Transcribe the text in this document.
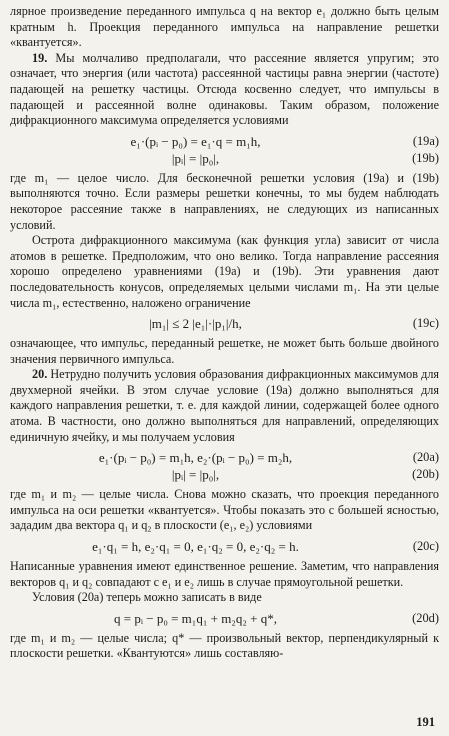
лярное произведение переданного импульса q на вектор e₁ должно быть целым кратным h. Проекция переданного импульса на направление решетки «квантуется».

19. Мы молчаливо предполагали, что рассеяние является упругим; это означает, что энергия (или частота) рассеянной частицы равна энергии (частоте) падающей на решетку частицы. Отсюда косвенно следует, что импульсы в падающей и рассеянной волне одинаковы. Таким образом, положение дифракционного максимума определяется условиями

e₁·(pᵢ − p₀) = e₁·q = m₁h,	(19a)
|pᵢ| = |p₀|,	(19b)

где m₁ — целое число. Для бесконечной решетки условия (19a) и (19b) выполняются точно. Если размеры решетки конечны, то мы будем наблюдать некоторое рассеяние также в направлениях, не следующих из написанных условий.

Острота дифракционного максимума (как функция угла) зависит от числа атомов в решетке. Предположим, что оно велико. Тогда направление рассеяния хорошо определено уравнениями (19a) и (19b). Эти уравнения дают последовательность конусов, определяемых целыми числами m₁. На эти целые числа m₁, естественно, наложено ограничение

|m₁| ≤ 2 |e₁|·|p₁|/h,	(19c)

означающее, что импульс, переданный решетке, не может быть больше двойного значения первичного импульса.

20. Нетрудно получить условия образования дифракционных максимумов для двухмерной ячейки. В этом случае условие (19a) должно выполняться для каждого направления решетки, т. е. для каждой линии, содержащей более одного атома. В частности, оно должно выполняться для направлений, определяющих единичную ячейку, и мы получаем условия

e₁·(pᵢ − p₀) = m₁h, e₂·(pᵢ − p₀) = m₂h,	(20a)
|pᵢ| = |p₀|,	(20b)

где m₁ и m₂ — целые числа. Снова можно сказать, что проекция переданного импульса на оси решетки «квантуется». Чтобы показать это с большей ясностью, зададим два вектора q₁ и q₂ в плоскости (e₁, e₂) условиями

e₁·q₁ = h, e₂·q₁ = 0, e₁·q₂ = 0, e₂·q₂ = h.	(20c)

Написанные уравнения имеют единственное решение. Заметим, что направления векторов q₁ и q₂ совпадают с e₁ и e₂ лишь в случае прямоугольной решетки.

Условия (20a) теперь можно записать в виде

q = pᵢ − p₀ = m₁q₁ + m₂q₂ + q*,	(20d)

где m₁ и m₂ — целые числа; q* — произвольный вектор, перпендикулярный к плоскости решетки. «Квантуются» лишь составляю-

191
